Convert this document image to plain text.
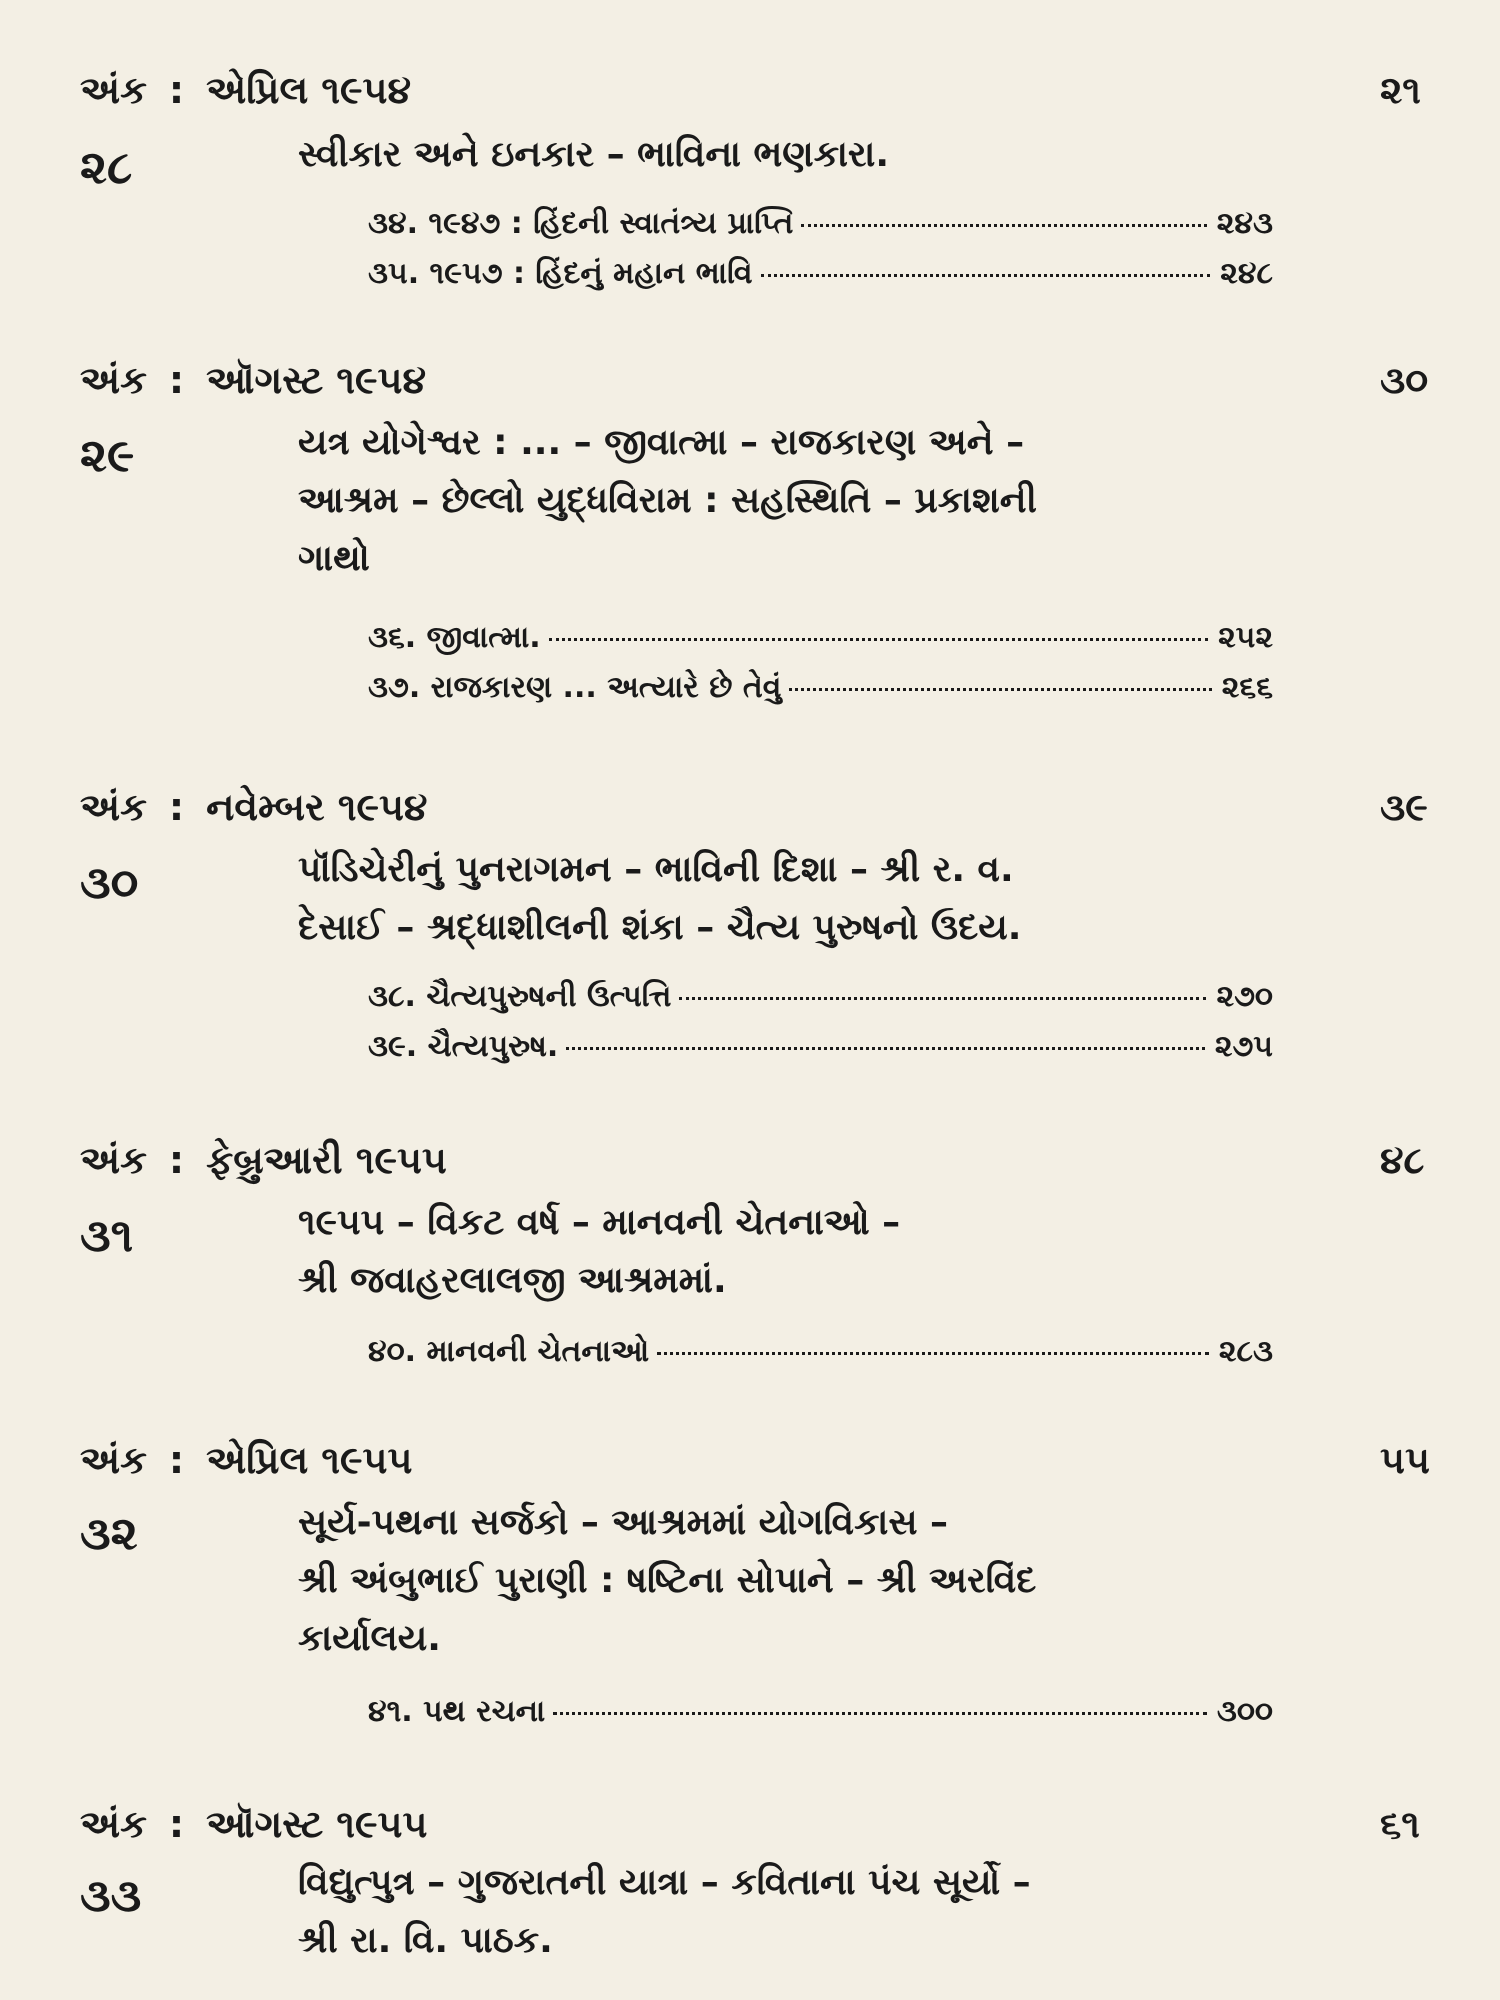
અંક : એપ્રિલ ૧૯૫૪	૨૧
૨૮	સ્વીકાર અને ઇનકાર – ભાવિના ભણકારા.
૩૪. ૧૯૪૭ : હિંદની સ્વાતંત્ર્ય પ્રાપ્તિ	૨૪૩
૩૫. ૧૯૫૭ : હિંદનું મહાન ભાવિ	૨૪૮
અંક : ઑગસ્ટ ૧૯૫૪	૩૦
૨૯	યત્ર યોગેશ્વર : ... – જીવાત્મા – રાજકારણ અને –
આશ્રમ – છેલ્લો યુદ્ધવિરામ : સહસ્થિતિ – પ્રકાશની
ગાથો
૩૬. જીવાત્મા.	૨૫૨
૩૭. રાજકારણ ... અત્યારે છે તેવું	૨૬૬
અંક : નવેમ્બર ૧૯૫૪	૩૯
૩૦	પૉંડિચેરીનું પુનરાગમન – ભાવિની દિશા – શ્રી ર. વ.
દેસાઈ – શ્રદ્ધાશીલની શંકા – ચૈત્ય પુરુષનો ઉદય.
૩૮. ચૈત્યપુરુષની ઉત્પત્તિ	૨૭૦
૩૯. ચૈત્યપુરુષ.	૨૭૫
અંક : ફેબ્રુઆરી ૧૯૫૫	૪૮
૩૧	૧૯૫૫ – વિકટ વર્ષ – માનવની ચેતનાઓ –
શ્રી જવાહરલાલજી આશ્રમમાં.
૪૦. માનવની ચેતનાઓ	૨૮૩
અંક : એપ્રિલ ૧૯૫૫	૫૫
૩૨	સૂર્ય-પથના સર્જકો – આશ્રમમાં યોગવિકાસ –
શ્રી અંબુભાઈ પુરાણી : ષષ્ટિના સોપાને – શ્રી અરવિંદ
કાર્યાલય.
૪૧. પથ રચના	૩૦૦
અંક : ઑગસ્ટ ૧૯૫૫	૬૧
૩૩	વિદ્યુત્પુત્ર – ગુજરાતની યાત્રા – કવિતાના પંચ સૂર્યો –
શ્રી રા. વિ. પાઠક.
